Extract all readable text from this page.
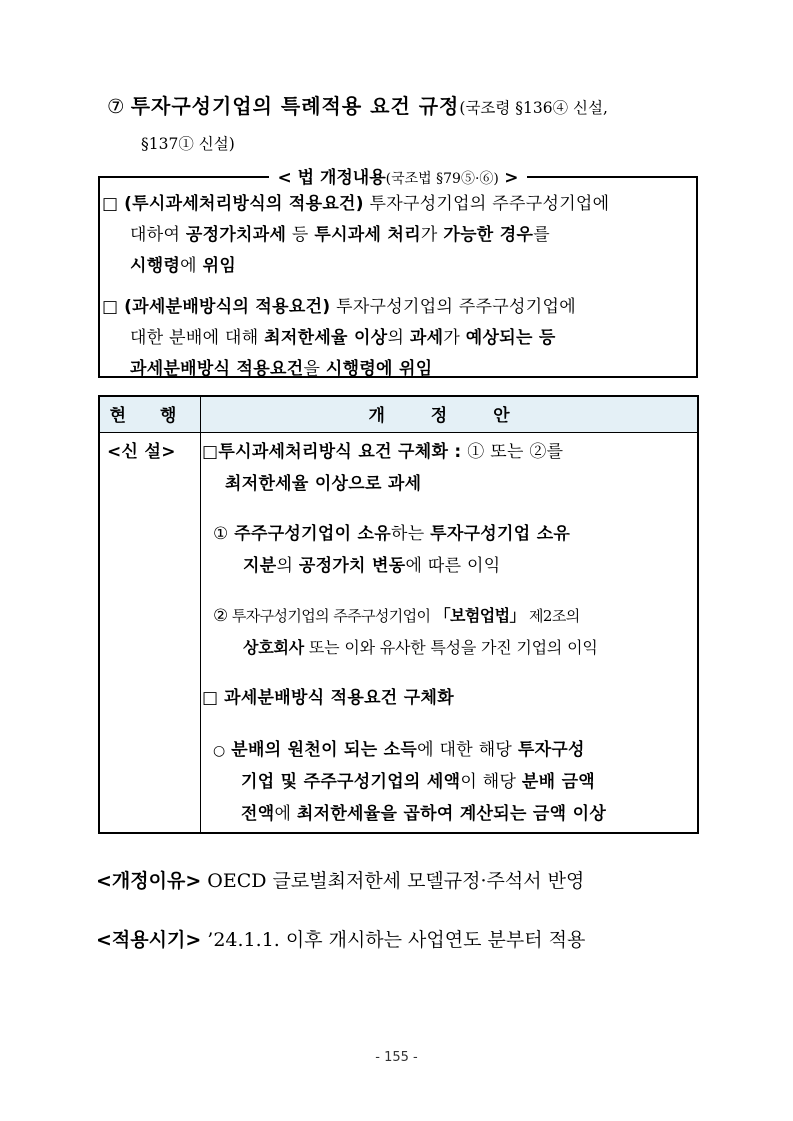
⑦ 투자구성기업의 특례적용 요건 규정(국조령 §136④ 신설,
§137① 신설)
< 법 개정내용(국조법 §79⑤·⑥) >
□ (투시과세처리방식의 적용요건) 투자구성기업의 주주구성기업에
대하여 공정가치과세 등 투시과세 처리가 가능한 경우를
시행령에 위임
□ (과세분배방식의 적용요건) 투자구성기업의 주주구성기업에
대한 분배에 대해 최저한세율 이상의 과세가 예상되는 등
과세분배방식 적용요건을 시행령에 위임
현 행	개 정 안
<신 설> □투시과세처리방식 요건 구체화 : ① 또는 ②를
최저한세율 이상으로 과세
① 주주구성기업이 소유하는 투자구성기업 소유
지분의 공정가치 변동에 따른 이익
② 투자구성기업의 주주구성기업이 「보험업법」 제2조의
상호회사 또는 이와 유사한 특성을 가진 기업의 이익
□ 과세분배방식 적용요건 구체화
○ 분배의 원천이 되는 소득에 대한 해당 투자구성
기업 및 주주구성기업의 세액이 해당 분배 금액
전액에 최저한세율을 곱하여 계산되는 금액 이상
<개정이유> OECD 글로벌최저한세 모델규정·주석서 반영
<적용시기> ’24.1.1. 이후 개시하는 사업연도 분부터 적용
- 155 -
